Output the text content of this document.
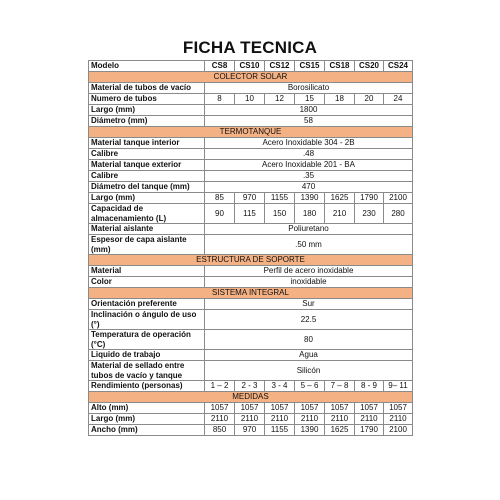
FICHA TECNICA
Modelo	CS8	CS10	CS12	CS15	CS18	CS20	CS24
COLECTOR SOLAR							
Material de tubos de vacío	Borosilicato						
Numero de tubos	8	10	12	15	18	20	24
Largo (mm)	1800						
Diámetro (mm)	58						
TERMOTANQUE							
Material tanque interior	Acero Inoxidable 304 - 2B						
Calibre	.48						
Material tanque exterior	Acero Inoxidable 201 - BA						
Calibre	.35						
Diámetro del tanque (mm)	470						
Largo (mm)	85	970	1155	1390	1625	1790	2100
Capacidad de almacenamiento (L)	90	115	150	180	210	230	280
Material aislante	Poliuretano						
Espesor de capa aislante (mm)	.50 mm						
ESTRUCTURA DE SOPORTE							
Material	Perfil de acero inoxidable						
Color	inoxidable						
SISTEMA INTEGRAL							
Orientación preferente	Sur						
Inclinación o ángulo de uso (°)	22.5						
Temperatura de operación (°C)	80						
Liquido de trabajo	Agua						
Material de sellado entre tubos de vacío y tanque	Silicón						
Rendimiento (personas)	1 – 2	2 - 3	3 - 4	5 – 6	7 – 8	8 - 9	9– 11
MEDIDAS							
Alto (mm)	1057	1057	1057	1057	1057	1057	1057
Largo (mm)	2110	2110	2110	2110	2110	2110	2110
Ancho (mm)	850	970	1155	1390	1625	1790	2100
